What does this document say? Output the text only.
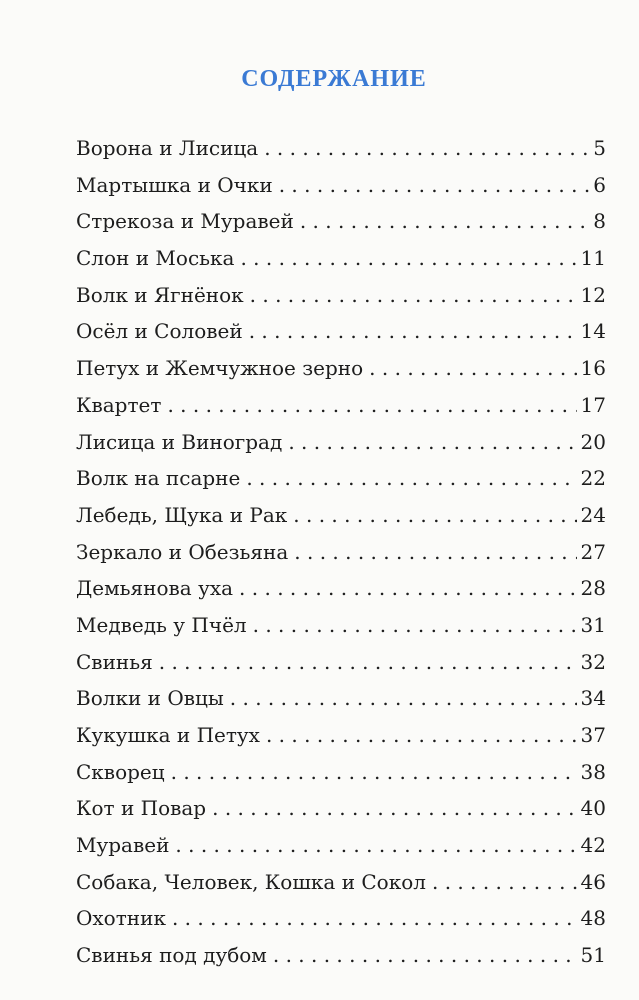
СОДЕРЖАНИЕ
Ворона и Лисица . . .	5
Мартышка и Очки . . .	6
Стрекоза и Муравей . . .	8
Слон и Моська . . .	11
Волк и Ягнёнок . . .	12
Осёл и Соловей . . .	14
Петух и Жемчужное зерно . . .	16
Квартет . . .	17
Лисица и Виноград . . .	20
Волк на псарне . . .	22
Лебедь, Щука и Рак . . .	24
Зеркало и Обезьяна . . .	27
Демьянова уха . . .	28
Медведь у Пчёл . . .	31
Свинья . . .	32
Волки и Овцы . . .	34
Кукушка и Петух . . .	37
Скворец . . .	38
Кот и Повар . . .	40
Муравей . . .	42
Собака, Человек, Кошка и Сокол . . .	46
Охотник . . .	48
Свинья под дубом . . .	51
